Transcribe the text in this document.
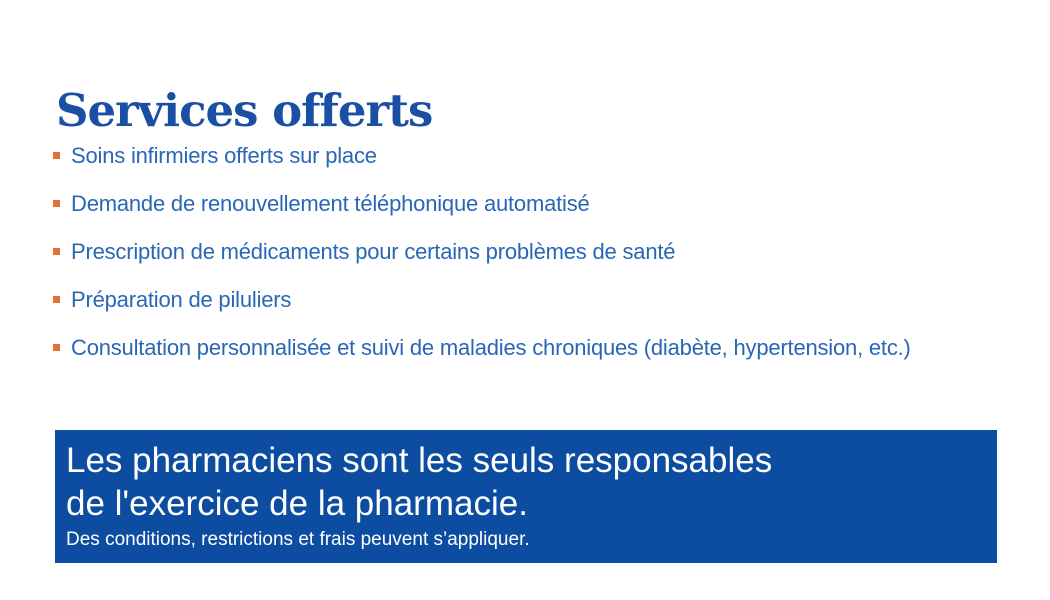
Services offerts
Soins infirmiers offerts sur place
Demande de renouvellement téléphonique automatisé
Prescription de médicaments pour certains problèmes de santé
Préparation de piluliers
Consultation personnalisée et suivi de maladies chroniques (diabète, hypertension, etc.)
Les pharmaciens sont les seuls responsables
de l'exercice de la pharmacie.
Des conditions, restrictions et frais peuvent s’appliquer.
